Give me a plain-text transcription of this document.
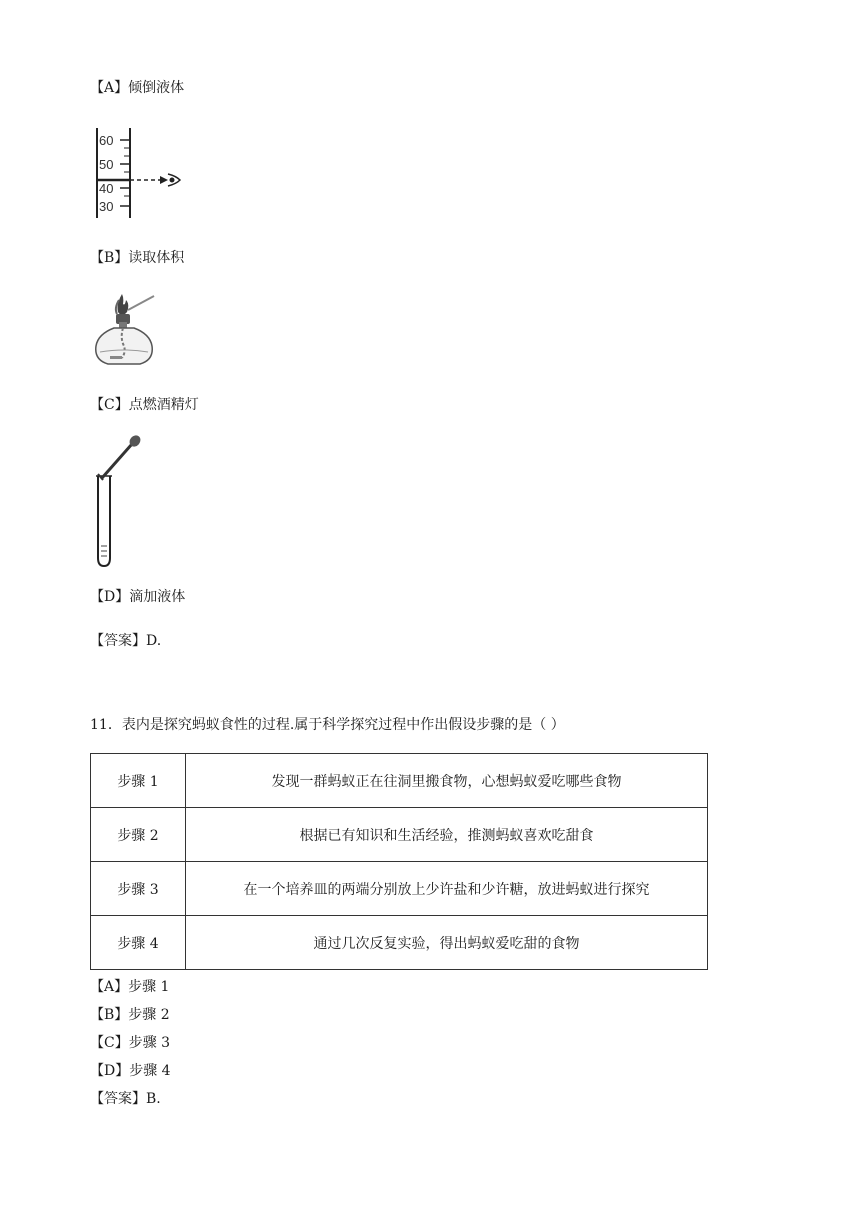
【A】倾倒液体
60
50
40
30
【B】读取体积
【C】点燃酒精灯
【D】滴加液体
【答案】D.
11．表内是探究蚂蚁食性的过程.属于科学探究过程中作出假设步骤的是（ ）
步骤 1	发现一群蚂蚁正在往洞里搬食物，心想蚂蚁爱吃哪些食物
步骤 2	根据已有知识和生活经验，推测蚂蚁喜欢吃甜食
步骤 3	在一个培养皿的两端分别放上少许盐和少许糖，放进蚂蚁进行探究
步骤 4	通过几次反复实验，得出蚂蚁爱吃甜的食物
【A】步骤 1
【B】步骤 2
【C】步骤 3
【D】步骤 4
【答案】B.
